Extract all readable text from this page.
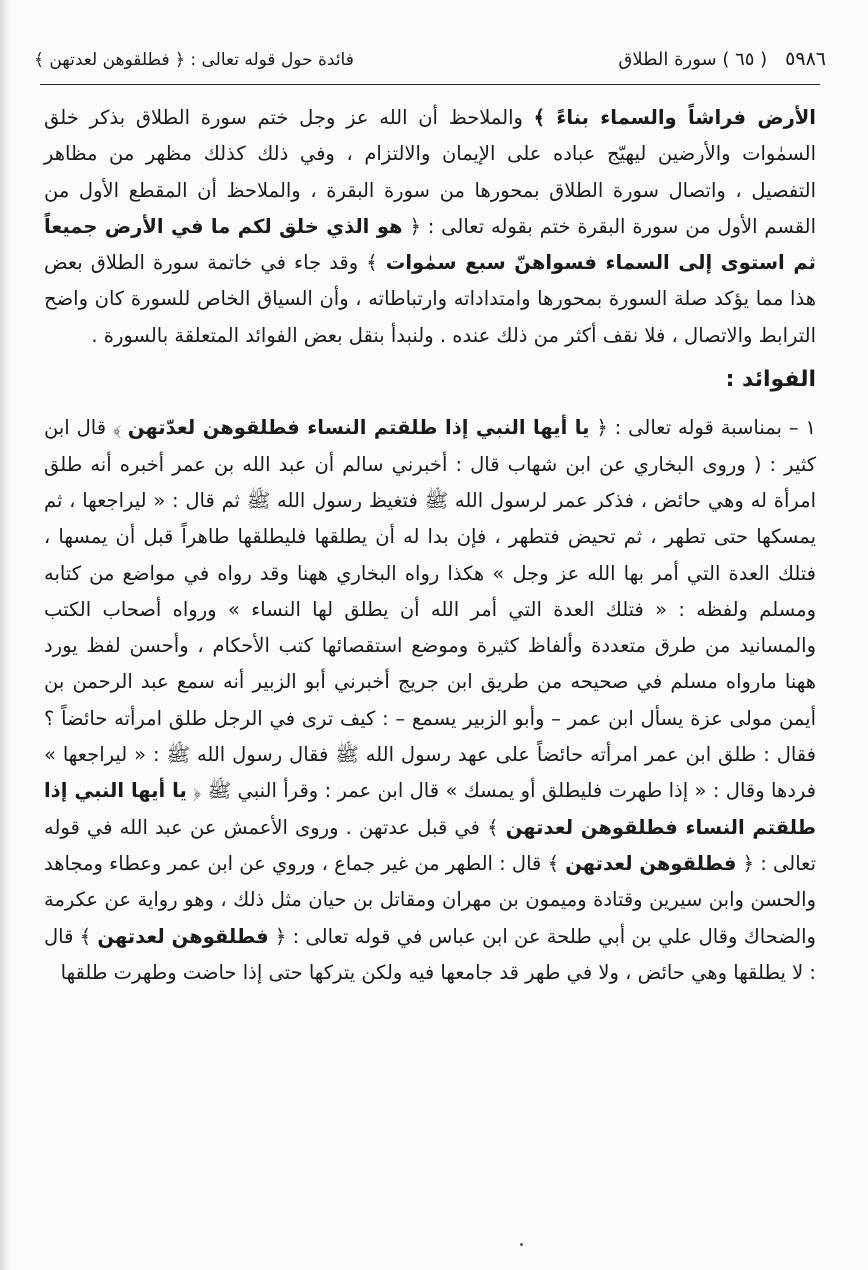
٥٩٨٦
( ٦٥ ) سورة الطلاق
فائدة حول قوله تعالى : ﴿ فطلقوهن لعدتهن ﴾

الأرض فراشاً والسماء بناءً ﴾ والملاحظ أن الله عز وجل ختم سورة الطلاق بذكر خلق السمٰوات والأرضين ليهيّج عباده على الإيمان والالتزام ، وفي ذلك كذلك مظهر من مظاهر التفصيل ، واتصال سورة الطلاق بمحورها من سورة البقرة ، والملاحظ أن المقطع الأول من القسم الأول من سورة البقرة ختم بقوله تعالى : ﴿ هو الذي خلق لكم ما في الأرض جميعاً ثم استوى إلى السماء فسواهنّ سبع سمٰوات ﴾ وقد جاء في خاتمة سورة الطلاق بعض هذا مما يؤكد صلة السورة بمحورها وامتداداته وارتباطاته ، وأن السياق الخاص للسورة كان واضح الترابط والاتصال ، فلا نقف أكثر من ذلك عنده . ولنبدأ بنقل بعض الفوائد المتعلقة بالسورة .

الفوائد :

١ – بمناسبة قوله تعالى : ﴿ يا أيها النبي إذا طلقتم النساء فطلقوهن لعدّتهن ﴾ قال ابن كثير : ( وروى البخاري عن ابن شهاب قال : أخبرني سالم أن عبد الله بن عمر أخبره أنه طلق امرأة له وهي حائض ، فذكر عمر لرسول الله ﷺ فتغيظ رسول الله ﷺ ثم قال : « ليراجعها ، ثم يمسكها حتى تطهر ، ثم تحيض فتطهر ، فإن بدا له أن يطلقها فليطلقها طاهراً قبل أن يمسها ، فتلك العدة التي أمر بها الله عز وجل » هكذا رواه البخاري ههنا وقد رواه في مواضع من كتابه ومسلم ولفظه : « فتلك العدة التي أمر الله أن يطلق لها النساء » ورواه أصحاب الكتب والمسانيد من طرق متعددة وألفاظ كثيرة وموضع استقصائها كتب الأحكام ، وأحسن لفظ يورد ههنا مارواه مسلم في صحيحه من طريق ابن جريج أخبرني أبو الزبير أنه سمع عبد الرحمن بن أيمن مولى عزة يسأل ابن عمر – وأبو الزبير يسمع – : كيف ترى في الرجل طلق امرأته حائضاً ؟ فقال : طلق ابن عمر امرأته حائضاً على عهد رسول الله ﷺ فقال رسول الله ﷺ : « ليراجعها » فردها وقال : « إذا طهرت فليطلق أو يمسك » قال ابن عمر : وقرأ النبي ﷺ ﴿ يا أيها النبي إذا طلقتم النساء فطلقوهن لعدتهن ﴾ في قبل عدتهن . وروى الأعمش عن عبد الله في قوله تعالى : ﴿ فطلقوهن لعدتهن ﴾ قال : الطهر من غير جماع ، وروي عن ابن عمر وعطاء ومجاهد والحسن وابن سيرين وقتادة وميمون بن مهران ومقاتل بن حيان مثل ذلك ، وهو رواية عن عكرمة والضحاك وقال علي بن أبي طلحة عن ابن عباس في قوله تعالى : ﴿ فطلقوهن لعدتهن ﴾ قال : لا يطلقها وهي حائض ، ولا في طهر قد جامعها فيه ولكن يتركها حتى إذا حاضت وطهرت طلقها
